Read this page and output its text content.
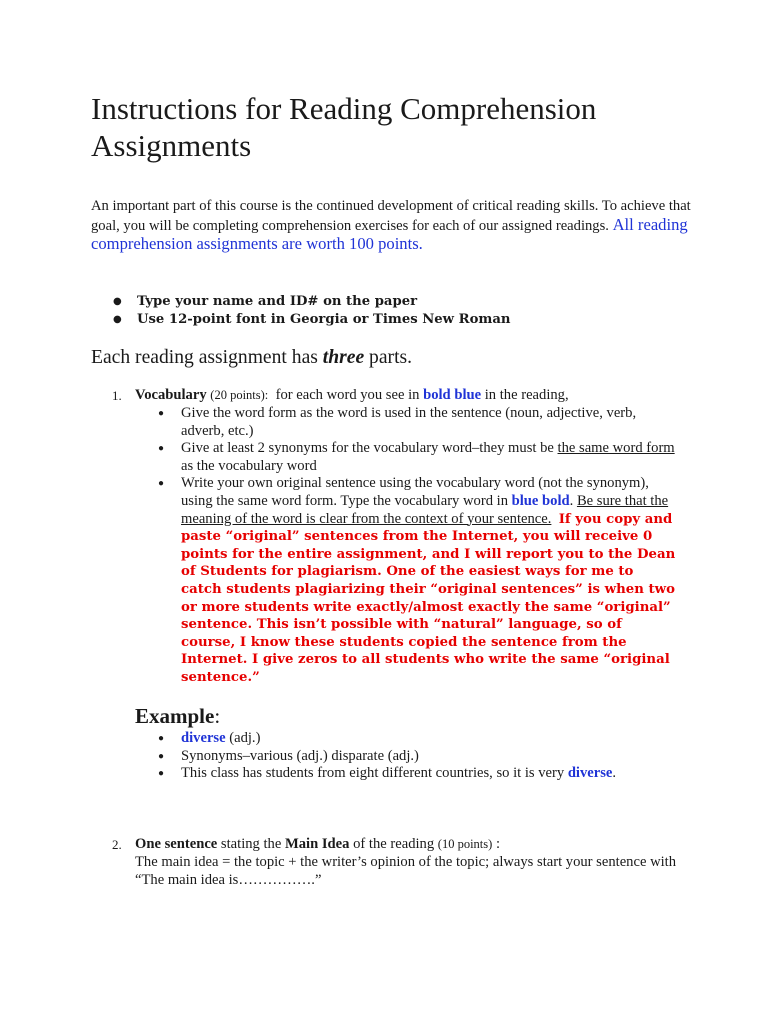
Instructions for Reading Comprehension Assignments
An important part of this course is the continued development of critical reading skills. To achieve that goal, you will be completing comprehension exercises for each of our assigned readings. All reading comprehension assignments are worth 100 points.
● Type your name and ID# on the paper
● Use 12-point font in Georgia or Times New Roman
Each reading assignment has three parts.
1. Vocabulary (20 points): for each word you see in bold blue in the reading,
● Give the word form as the word is used in the sentence (noun, adjective, verb, adverb, etc.)
● Give at least 2 synonyms for the vocabulary word–they must be the same word form as the vocabulary word
● Write your own original sentence using the vocabulary word (not the synonym), using the same word form. Type the vocabulary word in blue bold. Be sure that the meaning of the word is clear from the context of your sentence. If you copy and paste “original” sentences from the Internet, you will receive 0 points for the entire assignment, and I will report you to the Dean of Students for plagiarism. One of the easiest ways for me to catch students plagiarizing their “original sentences” is when two or more students write exactly/almost exactly the same “original” sentence. This isn’t possible with “natural” language, so of course, I know these students copied the sentence from the Internet. I give zeros to all students who write the same “original sentence.”
Example:
● diverse (adj.)
● Synonyms–various (adj.) disparate (adj.)
● This class has students from eight different countries, so it is very diverse.
2. One sentence stating the Main Idea of the reading (10 points) :
The main idea = the topic + the writer’s opinion of the topic; always start your sentence with “The main idea is…………….”
